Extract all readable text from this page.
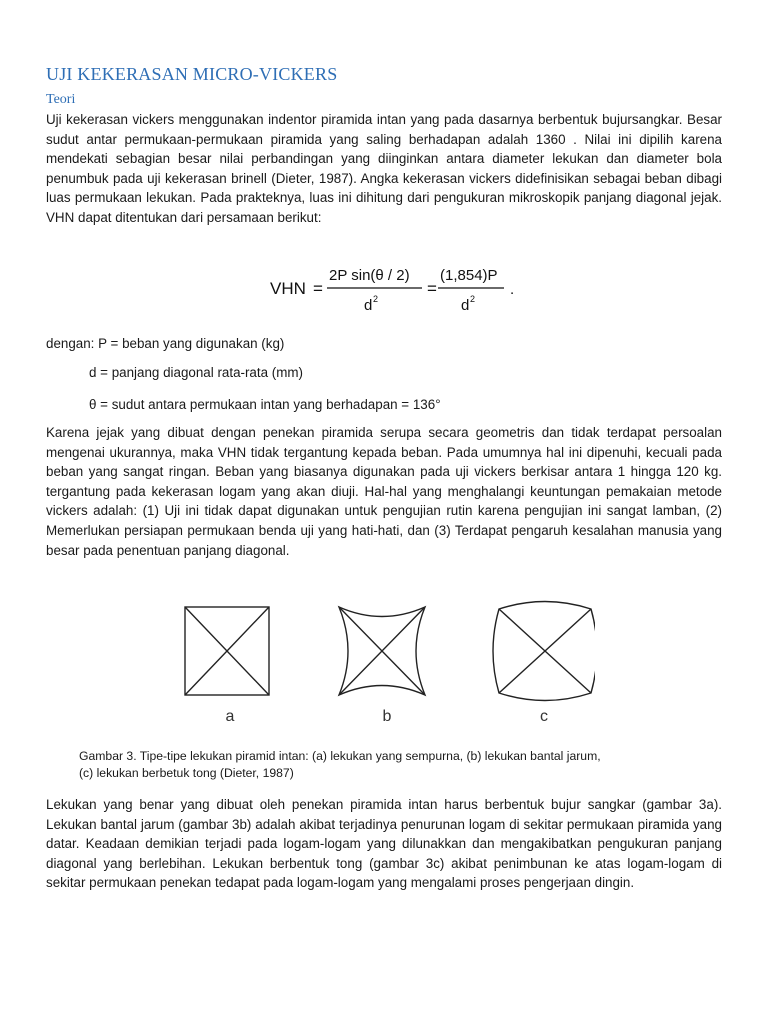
UJI KEKERASAN MICRO-VICKERS
Teori

Uji kekerasan vickers menggunakan indentor piramida intan yang pada dasarnya berbentuk bujursangkar. Besar sudut antar permukaan-permukaan piramida yang saling berhadapan adalah 1360 . Nilai ini dipilih karena mendekati sebagian besar nilai perbandingan yang diinginkan antara diameter lekukan dan diameter bola penumbuk pada uji kekerasan brinell (Dieter, 1987). Angka kekerasan vickers didefinisikan sebagai beban dibagi luas permukaan lekukan. Pada prakteknya, luas ini dihitung dari pengukuran mikroskopik panjang diagonal jejak. VHN dapat ditentukan dari persamaan berikut:

VHN =
2P sin(θ / 2)
d 2
=
(1,854)P
d 2
.
dengan: P = beban yang digunakan (kg)
d = panjang diagonal rata-rata (mm)
θ = sudut antara permukaan intan yang berhadapan = 136°

Karena jejak yang dibuat dengan penekan piramida serupa secara geometris dan tidak terdapat persoalan mengenai ukurannya, maka VHN tidak tergantung kepada beban. Pada umumnya hal ini dipenuhi, kecuali pada beban yang sangat ringan. Beban yang biasanya digunakan pada uji vickers berkisar antara 1 hingga 120 kg. tergantung pada kekerasan logam yang akan diuji. Hal-hal yang menghalangi keuntungan pemakaian metode vickers adalah: (1) Uji ini tidak dapat digunakan untuk pengujian rutin karena pengujian ini sangat lamban, (2) Memerlukan persiapan permukaan benda uji yang hati-hati, dan (3) Terdapat pengaruh kesalahan manusia yang besar pada penentuan panjang diagonal.

a	b	c
Gambar 3. Tipe-tipe lekukan piramid intan: (a) lekukan yang sempurna, (b) lekukan bantal jarum,
(c) lekukan berbetuk tong (Dieter, 1987)

Lekukan yang benar yang dibuat oleh penekan piramida intan harus berbentuk bujur sangkar (gambar 3a). Lekukan bantal jarum (gambar 3b) adalah akibat terjadinya penurunan logam di sekitar permukaan piramida yang datar. Keadaan demikian terjadi pada logam-logam yang dilunakkan dan mengakibatkan pengukuran panjang diagonal yang berlebihan. Lekukan berbentuk tong (gambar 3c) akibat penimbunan ke atas logam-logam di sekitar permukaan penekan tedapat pada logam-logam yang mengalami proses pengerjaan dingin.
